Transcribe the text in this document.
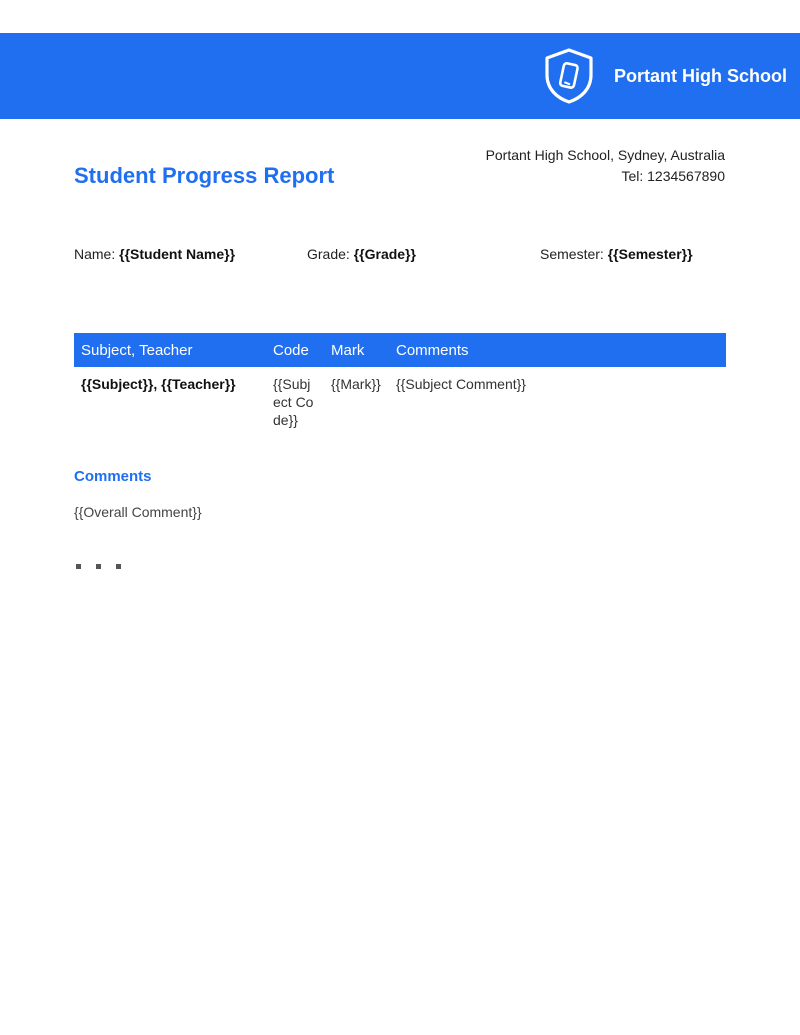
Portant High School
Student Progress Report
Portant High School, Sydney, Australia
Tel: 1234567890
Name: {{Student Name}}	Grade: {{Grade}}	Semester: {{Semester}}
Subject, Teacher	Code	Mark	Comments
{{Subject}}, {{Teacher}}	{{Subject Code}}	{{Mark}}	{{Subject Comment}}
Comments
{{Overall Comment}}
